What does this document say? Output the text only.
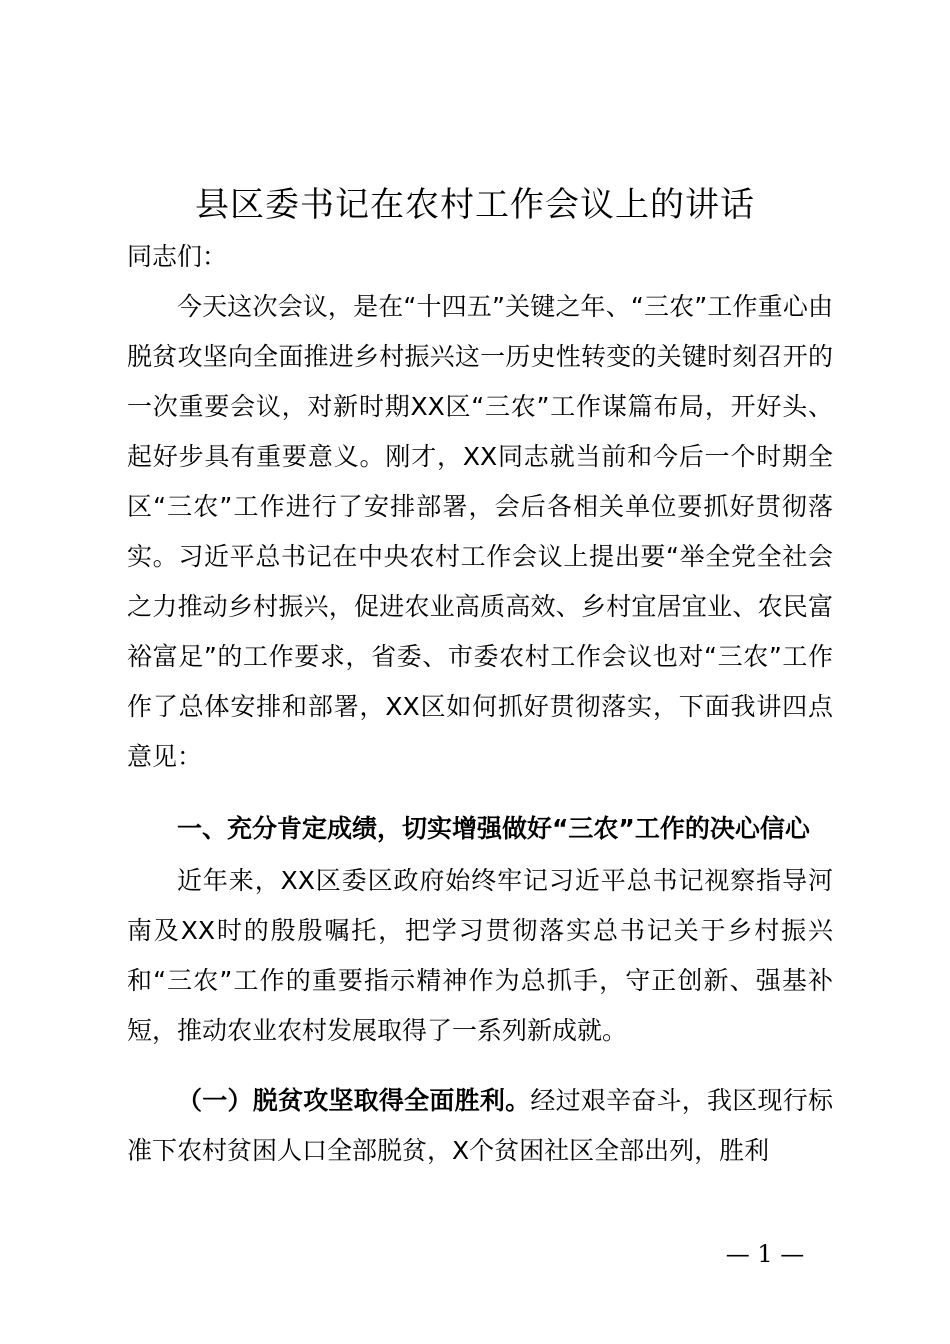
县区委书记在农村工作会议上的讲话

同志们：

今天这次会议，是在“十四五”关键之年、“三农”工作重心由脱贫攻坚向全面推进乡村振兴这一历史性转变的关键时刻召开的一次重要会议，对新时期XX区“三农”工作谋篇布局，开好头、起好步具有重要意义。刚才，XX同志就当前和今后一个时期全区“三农”工作进行了安排部署，会后各相关单位要抓好贯彻落实。习近平总书记在中央农村工作会议上提出要“举全党全社会之力推动乡村振兴，促进农业高质高效、乡村宜居宜业、农民富裕富足”的工作要求，省委、市委农村工作会议也对“三农”工作作了总体安排和部署，XX区如何抓好贯彻落实，下面我讲四点意见：

一、充分肯定成绩，切实增强做好“三农”工作的决心信心

近年来，XX区委区政府始终牢记习近平总书记视察指导河南及XX时的殷殷嘱托，把学习贯彻落实总书记关于乡村振兴和“三农”工作的重要指示精神作为总抓手，守正创新、强基补短，推动农业农村发展取得了一系列新成就。

（一）脱贫攻坚取得全面胜利。经过艰辛奋斗，我区现行标准下农村贫困人口全部脱贫，X个贫困社区全部出列，胜利

— 1 —
